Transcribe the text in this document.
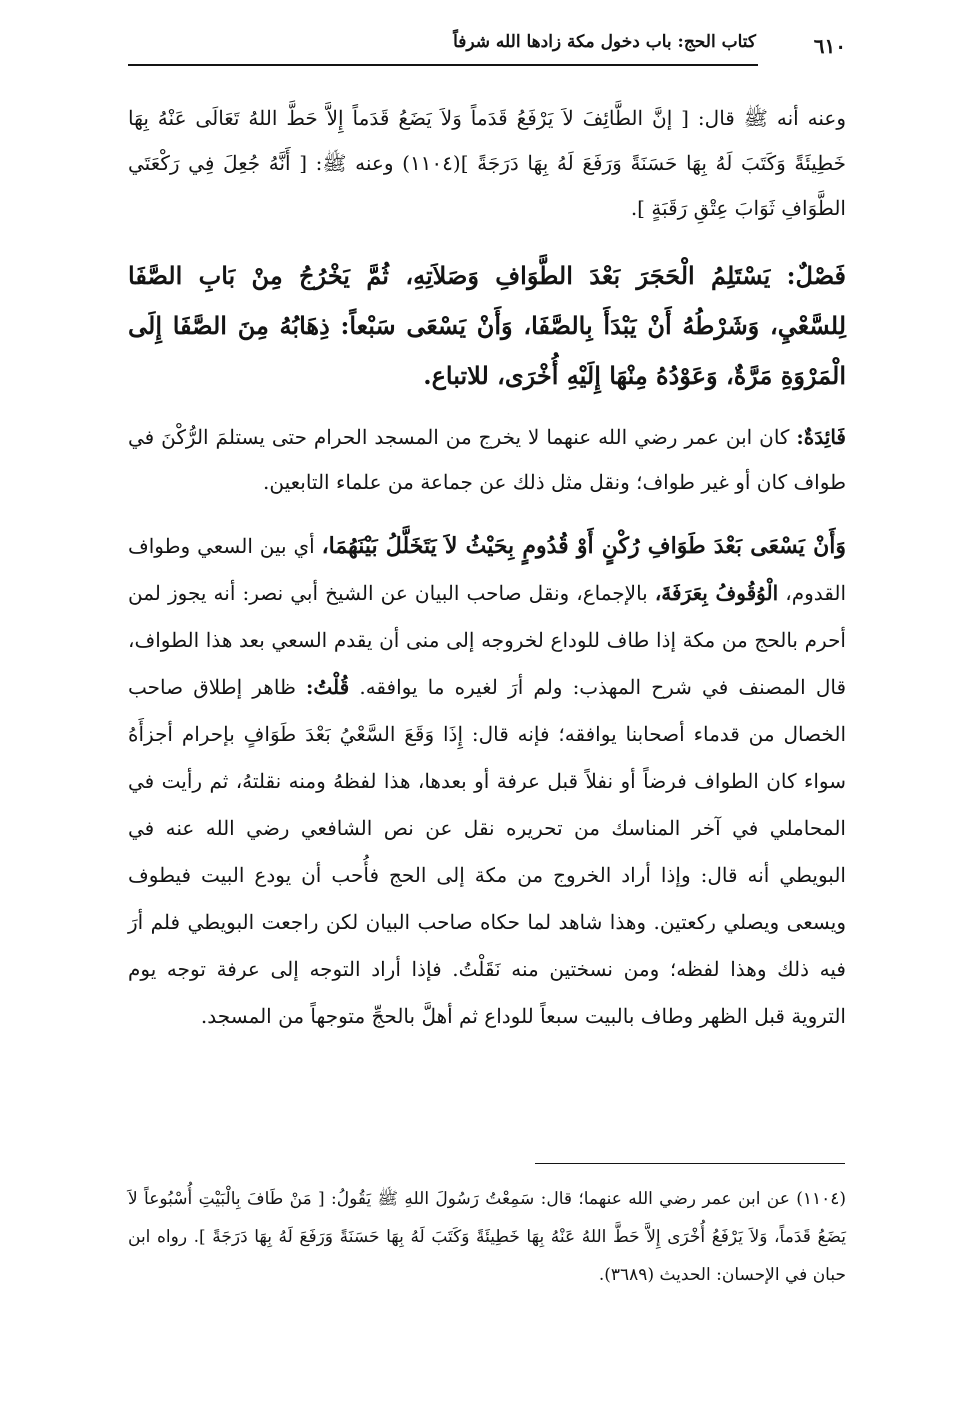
٦١٠
كتاب الحج: باب دخول مكة زادها الله شرفاً

وعنه أنه ﷺ قال: [ إنَّ الطَّائِفَ لاَ يَرْفَعُ قَدَماً وَلاَ يَضَعُ قَدَماً إِلاَّ حَطَّ اللهُ تَعَالَى عَنْهُ بِهَا خَطِيئَةً وَكَتَبَ لَهُ بِهَا حَسَنَةً وَرَفَعَ لَهُ بِهَا دَرَجَةً ](١١٠٤) وعنه ﷺ: [ أَنَّهُ جُعِلَ فِي رَكْعَتَي الطَّوَافِ ثَوَابَ عِتْقِ رَقَبَةٍ ].

فَصْلٌ: يَسْتَلِمُ الْحَجَرَ بَعْدَ الطَّوَافِ وَصَلاَتِهِ، ثُمَّ يَخْرُجُ مِنْ بَابِ الصَّفَا لِلسَّعْيِ، وَشَرْطُهُ أَنْ يَبْدَأَ بِالصَّفَا، وَأَنْ يَسْعَى سَبْعاً: ذِهَابُهُ مِنَ الصَّفَا إِلَى الْمَرْوَةِ مَرَّةٌ، وَعَوْدُهُ مِنْهَا إِلَيْهِ أُخْرَى، للاتباع.

فَائِدَةٌ: كان ابن عمر رضي الله عنهما لا يخرج من المسجد الحرام حتى يستلمَ الرُّكْنَ في طواف كان أو غير طواف؛ ونقل مثل ذلك عن جماعة من علماء التابعين.

وَأَنْ يَسْعَى بَعْدَ طَوَافِ رُكْنٍ أَوْ قُدُومٍ بِحَيْثُ لاَ يَتَخَلَّلُ بَيْنَهُمَا، أي بين السعي وطواف القدوم، الْوُقُوفُ بِعَرَفَةَ، بالإجماع، ونقل صاحب البيان عن الشيخ أبي نصر: أنه يجوز لمن أحرم بالحج من مكة إذا طاف للوداع لخروجه إلى منى أن يقدم السعي بعد هذا الطواف، قال المصنف في شرح المهذب: ولم أرَ لغيره ما يوافقه. قُلْتُ: ظاهر إطلاق صاحب الخصال من قدماء أصحابنا يوافقه؛ فإنه قال: إِذَا وَقَعَ السَّعْيُ بَعْدَ طَوَافٍ بإحرام أجزأَهُ سواء كان الطواف فرضاً أو نفلاً قبل عرفة أو بعدها، هذا لفظهُ ومنه نقلتهُ، ثم رأيت في المحاملي في آخر المناسك من تحريره نقل عن نص الشافعي رضي الله عنه في البويطي أنه قال: وإذا أراد الخروج من مكة إلى الحج فأُحب أن يودع البيت فيطوف ويسعى ويصلي ركعتين. وهذا شاهد لما حكاه صاحب البيان لكن راجعت البويطي فلم أرَ فيه ذلك وهذا لفظه؛ ومن نسختين منه نَقَلْتُ. فإذا أراد التوجه إلى عرفة توجه يوم التروية قبل الظهر وطاف بالبيت سبعاً للوداع ثم أهلَّ بالحجِّ متوجهاً من المسجد.

(١١٠٤) عن ابن عمر رضي الله عنهما؛ قال: سَمِعْتُ رَسُولَ اللهِ ﷺ يَقُولُ: [ مَنْ طَافَ بِالْبَيْتِ أُسْبُوعاً لاَ يَضَعُ قَدَماً، وَلاَ يَرْفَعُ أُخْرَى إِلاَّ حَطَّ اللهُ عَنْهُ بِهَا خَطِيئَةً وَكَتَبَ لَهُ بِهَا حَسَنَةً وَرَفَعَ لَهُ بِهَا دَرَجَةً ]. رواه ابن حبان في الإحسان: الحديث (٣٦٨٩).
